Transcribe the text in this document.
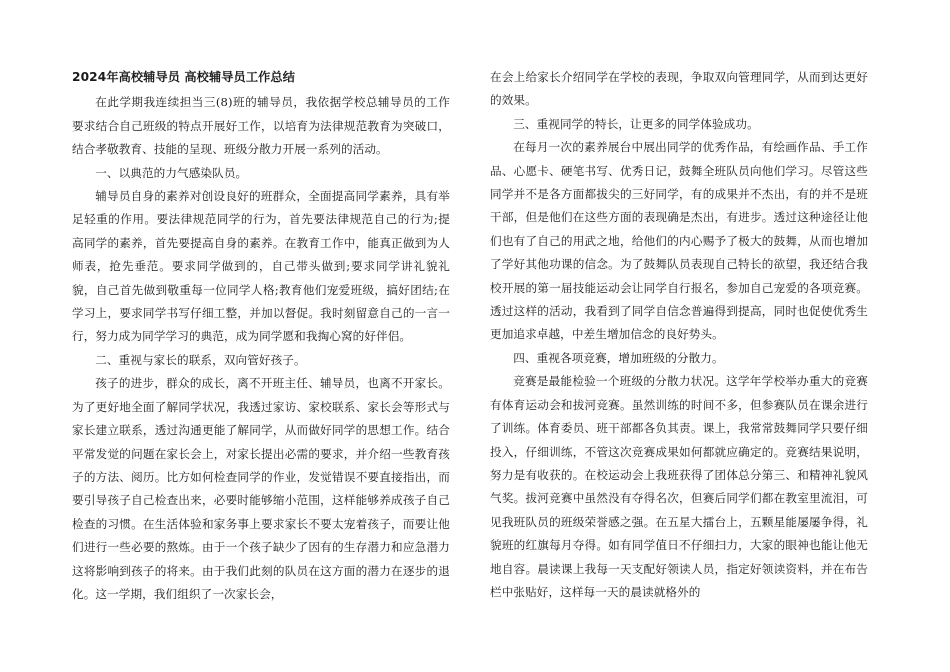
2024年高校辅导员 高校辅导员工作总结

在此学期我连续担当三(8)班的辅导员，我依据学校总辅导员的工作要求结合自己班级的特点开展好工作，以培育为法律规范教育为突破口，结合孝敬教育、技能的呈现、班级分散力开展一系列的活动。

一、以典范的力气感染队员。

辅导员自身的素养对创设良好的班群众，全面提高同学素养，具有举足轻重的作用。要法律规范同学的行为，首先要法律规范自己的行为;提高同学的素养，首先要提高自身的素养。在教育工作中，能真正做到为人师表，抢先垂范。要求同学做到的，自己带头做到;要求同学讲礼貌礼貌，自己首先做到敬重每一位同学人格;教育他们宠爱班级，搞好团结;在学习上，要求同学书写仔细工整，并加以督促。我时刻留意自己的一言一行，努力成为同学学习的典范，成为同学愿和我掏心窝的好伴侣。

二、重视与家长的联系，双向管好孩子。

孩子的进步，群众的成长，离不开班主任、辅导员，也离不开家长。为了更好地全面了解同学状况，我透过家访、家校联系、家长会等形式与家长建立联系，透过沟通更能了解同学，从而做好同学的思想工作。结合平常发觉的问题在家长会上，对家长提出必需的要求，并介绍一些教育孩子的方法、阅历。比方如何检查同学的作业，发觉错误不要直接指出，而要引导孩子自己检查出来，必要时能够缩小范围，这样能够养成孩子自己检查的习惯。在生活体验和家务事上要求家长不要太宠着孩子，而要让他们进行一些必要的熬炼。由于一个孩子缺少了因有的生存潜力和应急潜力这将影响到孩子的将来。由于我们此刻的队员在这方面的潜力在逐步的退化。这一学期，我们组织了一次家长会，

在会上给家长介绍同学在学校的表现，争取双向管理同学，从而到达更好的效果。

三、重视同学的特长，让更多的同学体验成功。

在每月一次的素养展台中展出同学的优秀作品，有绘画作品、手工作品、心愿卡、硬笔书写、优秀日记，鼓舞全班队员向他们学习。尽管这些同学并不是各方面都拔尖的三好同学，有的成果并不杰出，有的并不是班干部，但是他们在这些方面的表现确是杰出，有进步。透过这种途径让他们也有了自己的用武之地，给他们的内心赐予了极大的鼓舞，从而也增加了学好其他功课的信念。为了鼓舞队员表现自己特长的欲望，我还结合我校开展的第一届技能运动会让同学自行报名，参加自己宠爱的各项竞赛。透过这样的活动，我看到了同学自信念普遍得到提高，同时也促使优秀生更加追求卓越，中差生增加信念的良好势头。

四、重视各项竞赛，增加班级的分散力。

竞赛是最能检验一个班级的分散力状况。这学年学校举办重大的竞赛有体育运动会和拔河竞赛。虽然训练的时间不多，但参赛队员在课余进行了训练。体育委员、班干部都各负其责。课上，我常常鼓舞同学只要仔细投入，仔细训练，不管这次竞赛成果如何都就应确定的。竞赛结果说明，努力是有收获的。在校运动会上我班获得了团体总分第三、和精神礼貌风气奖。拔河竞赛中虽然没有夺得名次，但赛后同学们都在教室里流泪，可见我班队员的班级荣誉感之强。在五星大擂台上，五颗星能屡屡争得，礼貌班的红旗每月夺得。如有同学值日不仔细扫力，大家的眼神也能让他无地自容。晨读课上我每一天支配好领读人员，指定好领读资料，并在布告栏中张贴好，这样每一天的晨读就格外的
